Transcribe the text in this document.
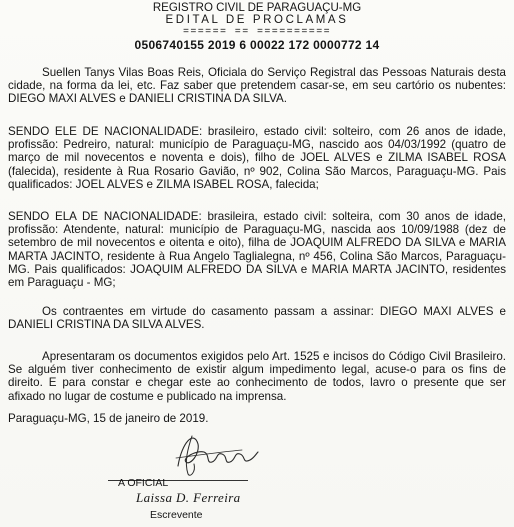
REGISTRO CIVIL DE PARAGUAÇU-MG
EDITAL DE PROCLAMAS
====== == ==========
0506740155 2019 6 00022 172 0000772 14

Suellen Tanys Vilas Boas Reis, Oficiala do Serviço Registral das Pessoas Naturais desta cidade, na forma da lei, etc. Faz saber que pretendem casar-se, em seu cartório os nubentes: DIEGO MAXI ALVES e DANIELI CRISTINA DA SILVA.

SENDO ELE DE NACIONALIDADE: brasileiro, estado civil: solteiro, com 26 anos de idade, profissão: Pedreiro, natural: município de Paraguaçu-MG, nascido aos 04/03/1992 (quatro de março de mil novecentos e noventa e dois), filho de JOEL ALVES e ZILMA ISABEL ROSA (falecida), residente à Rua Rosario Gavião, nº 902, Colina São Marcos, Paraguaçu-MG. Pais qualificados: JOEL ALVES e ZILMA ISABEL ROSA, falecida;

SENDO ELA DE NACIONALIDADE: brasileira, estado civil: solteira, com 30 anos de idade, profissão: Atendente, natural: município de Paraguaçu-MG, nascida aos 10/09/1988 (dez de setembro de mil novecentos e oitenta e oito), filha de JOAQUIM ALFREDO DA SILVA e MARIA MARTA JACINTO, residente à Rua Angelo Taglialegna, nº 456, Colina São Marcos, Paraguaçu-MG. Pais qualificados: JOAQUIM ALFREDO DA SILVA e MARIA MARTA JACINTO, residentes em Paraguaçu - MG;

Os contraentes em virtude do casamento passam a assinar: DIEGO MAXI ALVES e DANIELI CRISTINA DA SILVA ALVES.

Apresentaram os documentos exigidos pelo Art. 1525 e incisos do Código Civil Brasileiro. Se alguém tiver conhecimento de existir algum impedimento legal, acuse-o para os fins de direito. E para constar e chegar este ao conhecimento de todos, lavro o presente que ser afixado no lugar de costume e publicado na imprensa.

Paraguaçu-MG, 15 de janeiro de 2019.

A OFICIAL
Laissa D. Ferreira
Escrevente
